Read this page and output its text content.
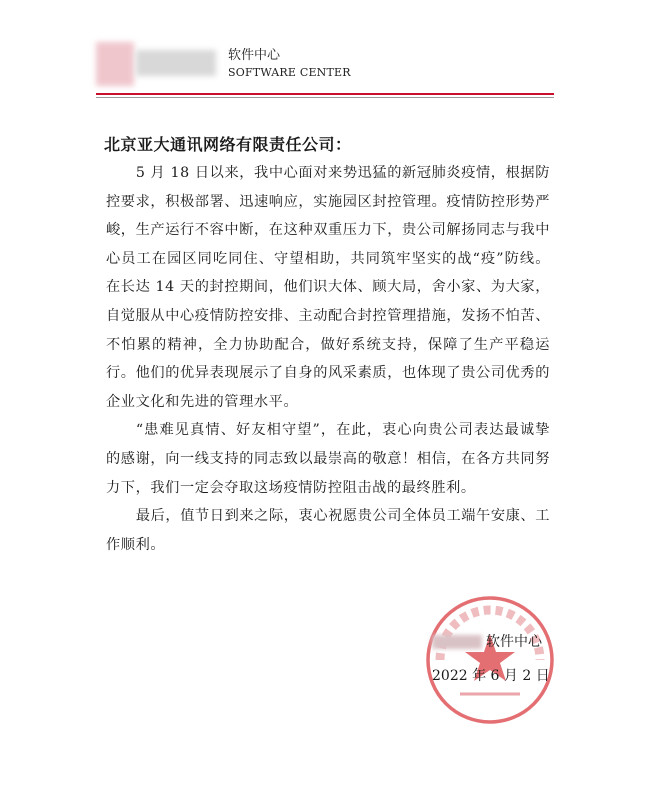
软件中心
SOFTWARE CENTER
北京亚大通讯网络有限责任公司：

5 月 18 日以来，我中心面对来势迅猛的新冠肺炎疫情，根据防控要求，积极部署、迅速响应，实施园区封控管理。疫情防控形势严峻，生产运行不容中断，在这种双重压力下，贵公司解扬同志与我中心员工在园区同吃同住、守望相助，共同筑牢坚实的战“疫”防线。在长达 14 天的封控期间，他们识大体、顾大局，舍小家、为大家，自觉服从中心疫情防控安排、主动配合封控管理措施，发扬不怕苦、不怕累的精神，全力协助配合，做好系统支持，保障了生产平稳运行。他们的优异表现展示了自身的风采素质，也体现了贵公司优秀的企业文化和先进的管理水平。

“患难见真情、好友相守望”，在此，衷心向贵公司表达最诚挚的感谢，向一线支持的同志致以最崇高的敬意！相信，在各方共同努力下，我们一定会夺取这场疫情防控阻击战的最终胜利。

最后，值节日到来之际，衷心祝愿贵公司全体员工端午安康、工作顺利。

软件中心
2022 年 6 月 2 日
